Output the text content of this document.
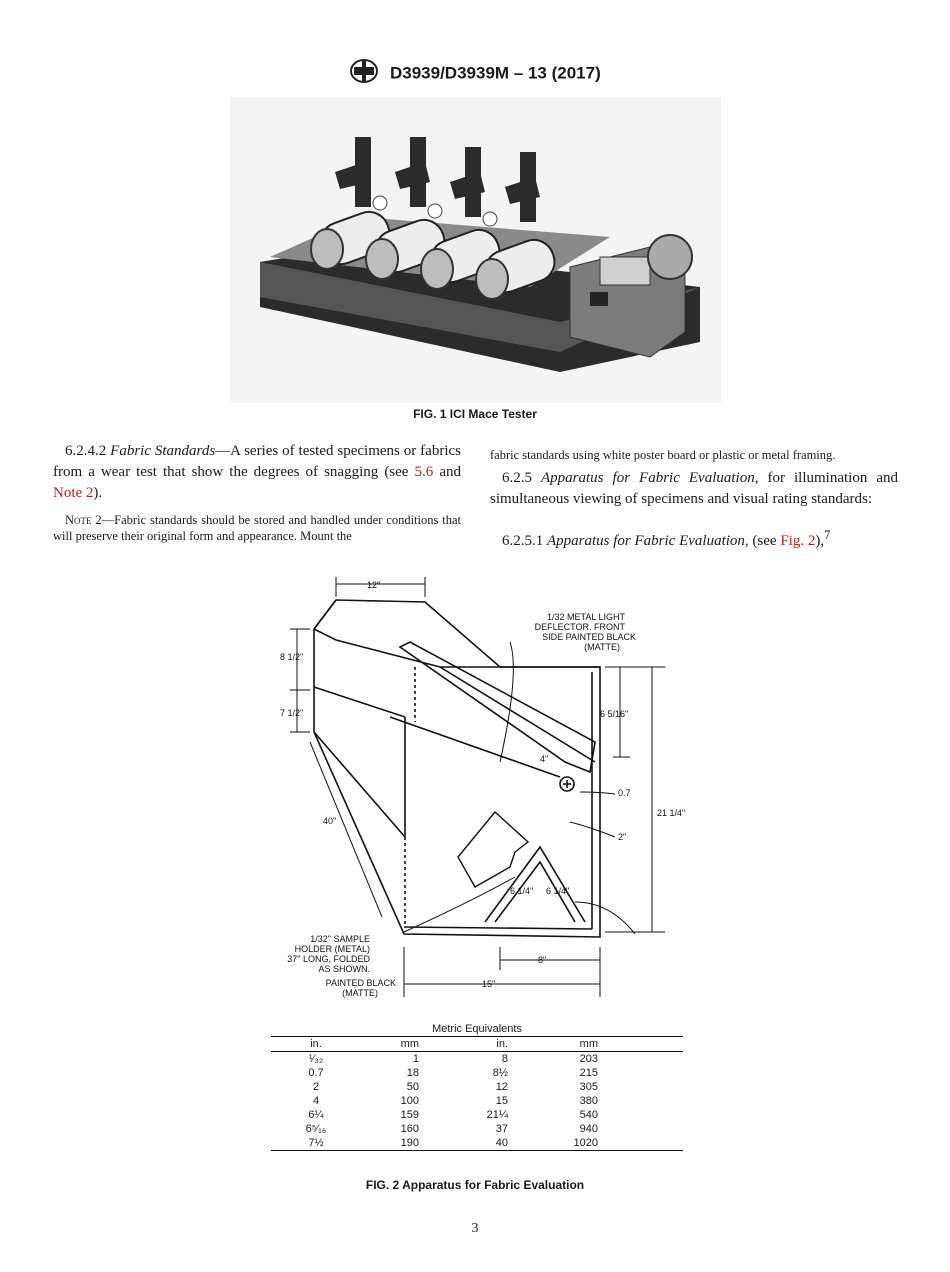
D3939/D3939M – 13 (2017)
FIG. 1 ICI Mace Tester
6.2.4.2 Fabric Standards—A series of tested specimens or fabrics from a wear test that show the degrees of snagging (see 5.6 and Note 2).
Note 2—Fabric standards should be stored and handled under conditions that will preserve their original form and appearance. Mount the
fabric standards using white poster board or plastic or metal framing.
6.2.5 Apparatus for Fabric Evaluation, for illumination and simultaneous viewing of specimens and visual rating standards:
6.2.5.1 Apparatus for Fabric Evaluation, (see Fig. 2),$^7$
12"
8 1/2"
7 1/2"
40"
6 5/16"
4"
0.7
2"
21 1/4"
6 1/4" 6 1/4"
8"
15"
1/32 METAL LIGHT
DEFLECTOR. FRONT
SIDE PAINTED BLACK
(MATTE)
1/32" SAMPLE
HOLDER (METAL)
37" LONG, FOLDED
AS SHOWN.
PAINTED BLACK
(MATTE)
Metric Equivalents
in.	mm	in.	mm	
¹⁄₃₂	1	8	203	
0.7	18	8½	215	
2	50	12	305	
4	100	15	380	
6¼	159	21¼	540	
6⁵⁄₁₆	160	37	940	
7½	190	40	1020	
FIG. 2 Apparatus for Fabric Evaluation
3
